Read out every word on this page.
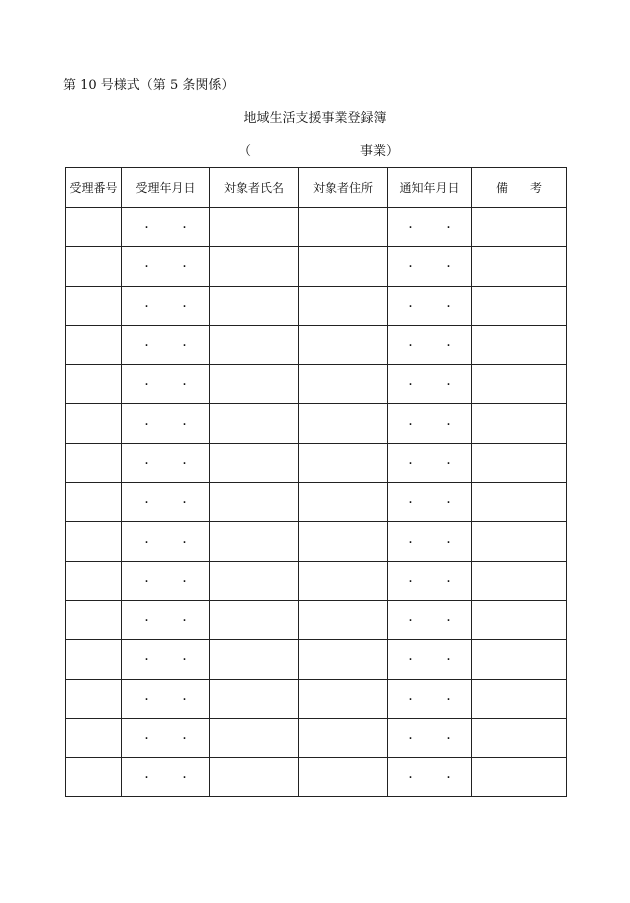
第 10 号様式（第 5 条関係）
地域生活支援事業登録簿
（	事業）
受理番号	受理年月日	対象者氏名	対象者住所	通知年月日	備 考

	・ ・			・ ・	

	・ ・			・ ・	

	・ ・			・ ・	

	・ ・			・ ・	

	・ ・			・ ・	

	・ ・			・ ・	

	・ ・			・ ・	

	・ ・			・ ・	

	・ ・			・ ・	

	・ ・			・ ・	

	・ ・			・ ・	

	・ ・			・ ・	

	・ ・			・ ・	

	・ ・			・ ・	

	・ ・			・ ・	
